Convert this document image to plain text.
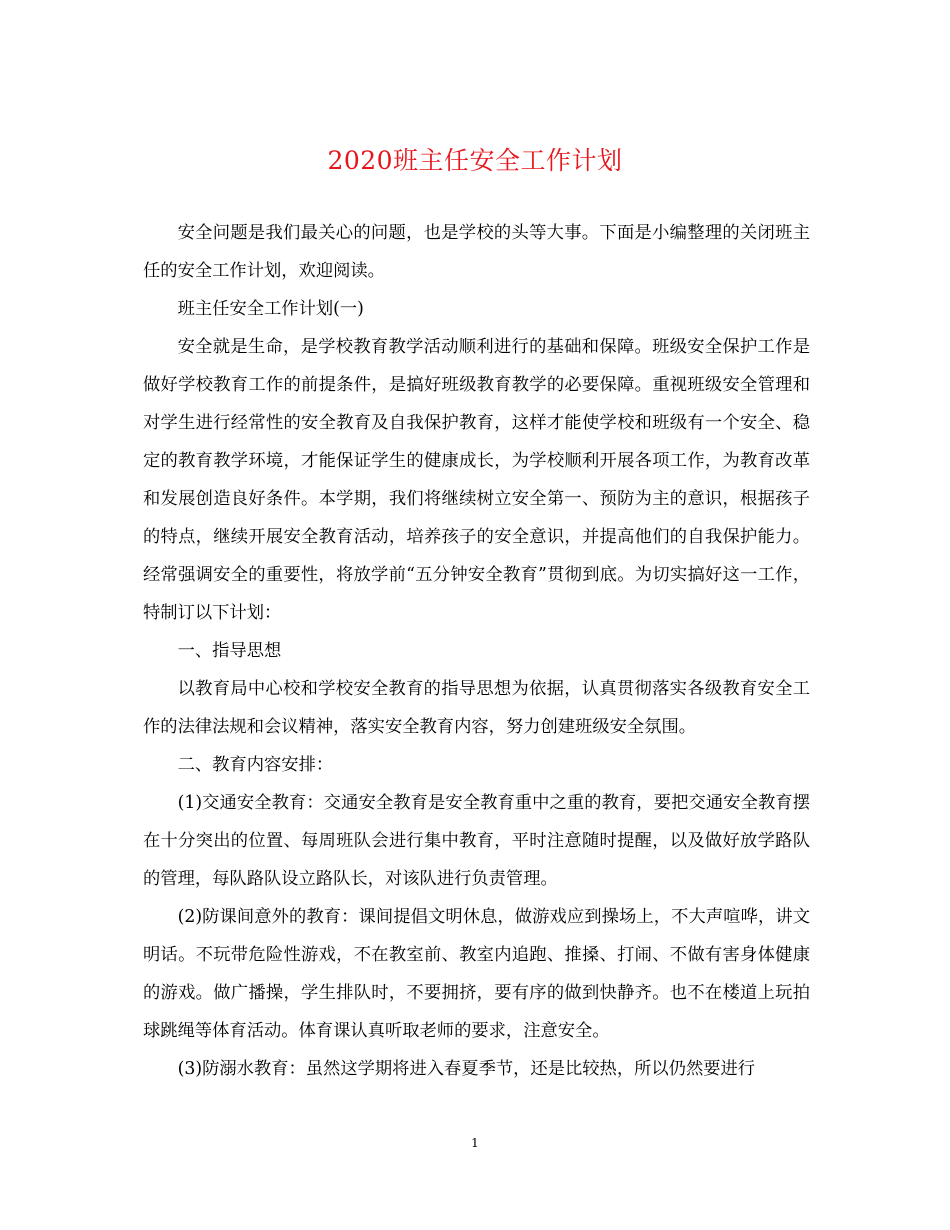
2020班主任安全工作计划

安全问题是我们最关心的问题，也是学校的头等大事。下面是小编整理的关闭班主任的安全工作计划，欢迎阅读。

班主任安全工作计划(一)

安全就是生命，是学校教育教学活动顺利进行的基础和保障。班级安全保护工作是做好学校教育工作的前提条件，是搞好班级教育教学的必要保障。重视班级安全管理和对学生进行经常性的安全教育及自我保护教育，这样才能使学校和班级有一个安全、稳定的教育教学环境，才能保证学生的健康成长，为学校顺利开展各项工作，为教育改革和发展创造良好条件。本学期，我们将继续树立安全第一、预防为主的意识，根据孩子的特点，继续开展安全教育活动，培养孩子的安全意识，并提高他们的自我保护能力。经常强调安全的重要性，将放学前“五分钟安全教育”贯彻到底。为切实搞好这一工作，特制订以下计划：

一、指导思想

以教育局中心校和学校安全教育的指导思想为依据，认真贯彻落实各级教育安全工作的法律法规和会议精神，落实安全教育内容，努力创建班级安全氛围。

二、教育内容安排：

(1)交通安全教育：交通安全教育是安全教育重中之重的教育，要把交通安全教育摆在十分突出的位置、每周班队会进行集中教育，平时注意随时提醒，以及做好放学路队的管理，每队路队设立路队长，对该队进行负责管理。

(2)防课间意外的教育：课间提倡文明休息，做游戏应到操场上，不大声喧哗，讲文明话。不玩带危险性游戏，不在教室前、教室内追跑、推搡、打闹、不做有害身体健康的游戏。做广播操，学生排队时，不要拥挤，要有序的做到快静齐。也不在楼道上玩拍球跳绳等体育活动。体育课认真听取老师的要求，注意安全。

(3)防溺水教育：虽然这学期将进入春夏季节，还是比较热，所以仍然要进行

1
